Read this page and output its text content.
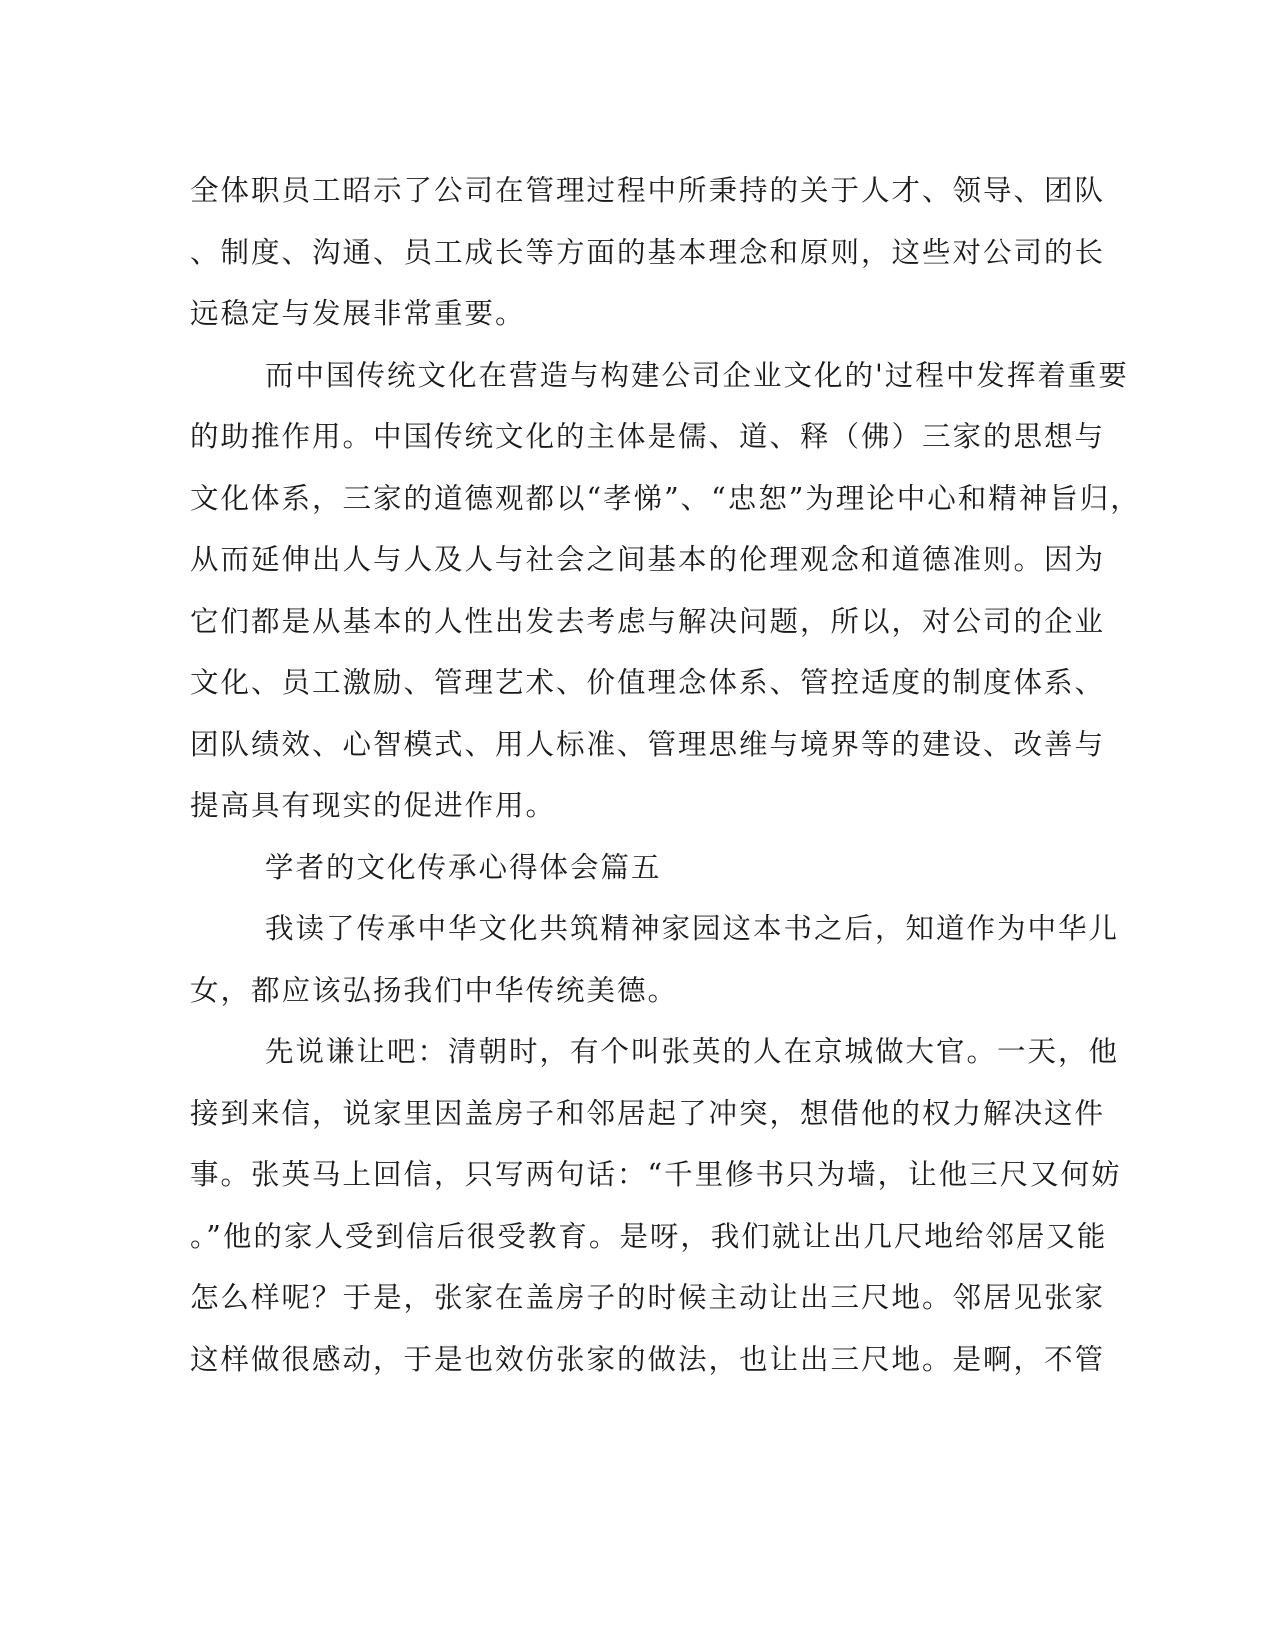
全体职员工昭示了公司在管理过程中所秉持的关于人才、领导、团队
、制度、沟通、员工成长等方面的基本理念和原则，这些对公司的长
远稳定与发展非常重要。
而中国传统文化在营造与构建公司企业文化的'过程中发挥着重要
的助推作用。中国传统文化的主体是儒、道、释（佛）三家的思想与
文化体系，三家的道德观都以“孝悌”、“忠恕”为理论中心和精神旨归，
从而延伸出人与人及人与社会之间基本的伦理观念和道德准则。因为
它们都是从基本的人性出发去考虑与解决问题，所以，对公司的企业
文化、员工激励、管理艺术、价值理念体系、管控适度的制度体系、
团队绩效、心智模式、用人标准、管理思维与境界等的建设、改善与
提高具有现实的促进作用。
学者的文化传承心得体会篇五
我读了传承中华文化共筑精神家园这本书之后，知道作为中华儿
女，都应该弘扬我们中华传统美德。
先说谦让吧：清朝时，有个叫张英的人在京城做大官。一天，他
接到来信，说家里因盖房子和邻居起了冲突，想借他的权力解决这件
事。张英马上回信，只写两句话：“千里修书只为墙，让他三尺又何妨
。”他的家人受到信后很受教育。是呀，我们就让出几尺地给邻居又能
怎么样呢？于是，张家在盖房子的时候主动让出三尺地。邻居见张家
这样做很感动，于是也效仿张家的做法，也让出三尺地。是啊，不管
